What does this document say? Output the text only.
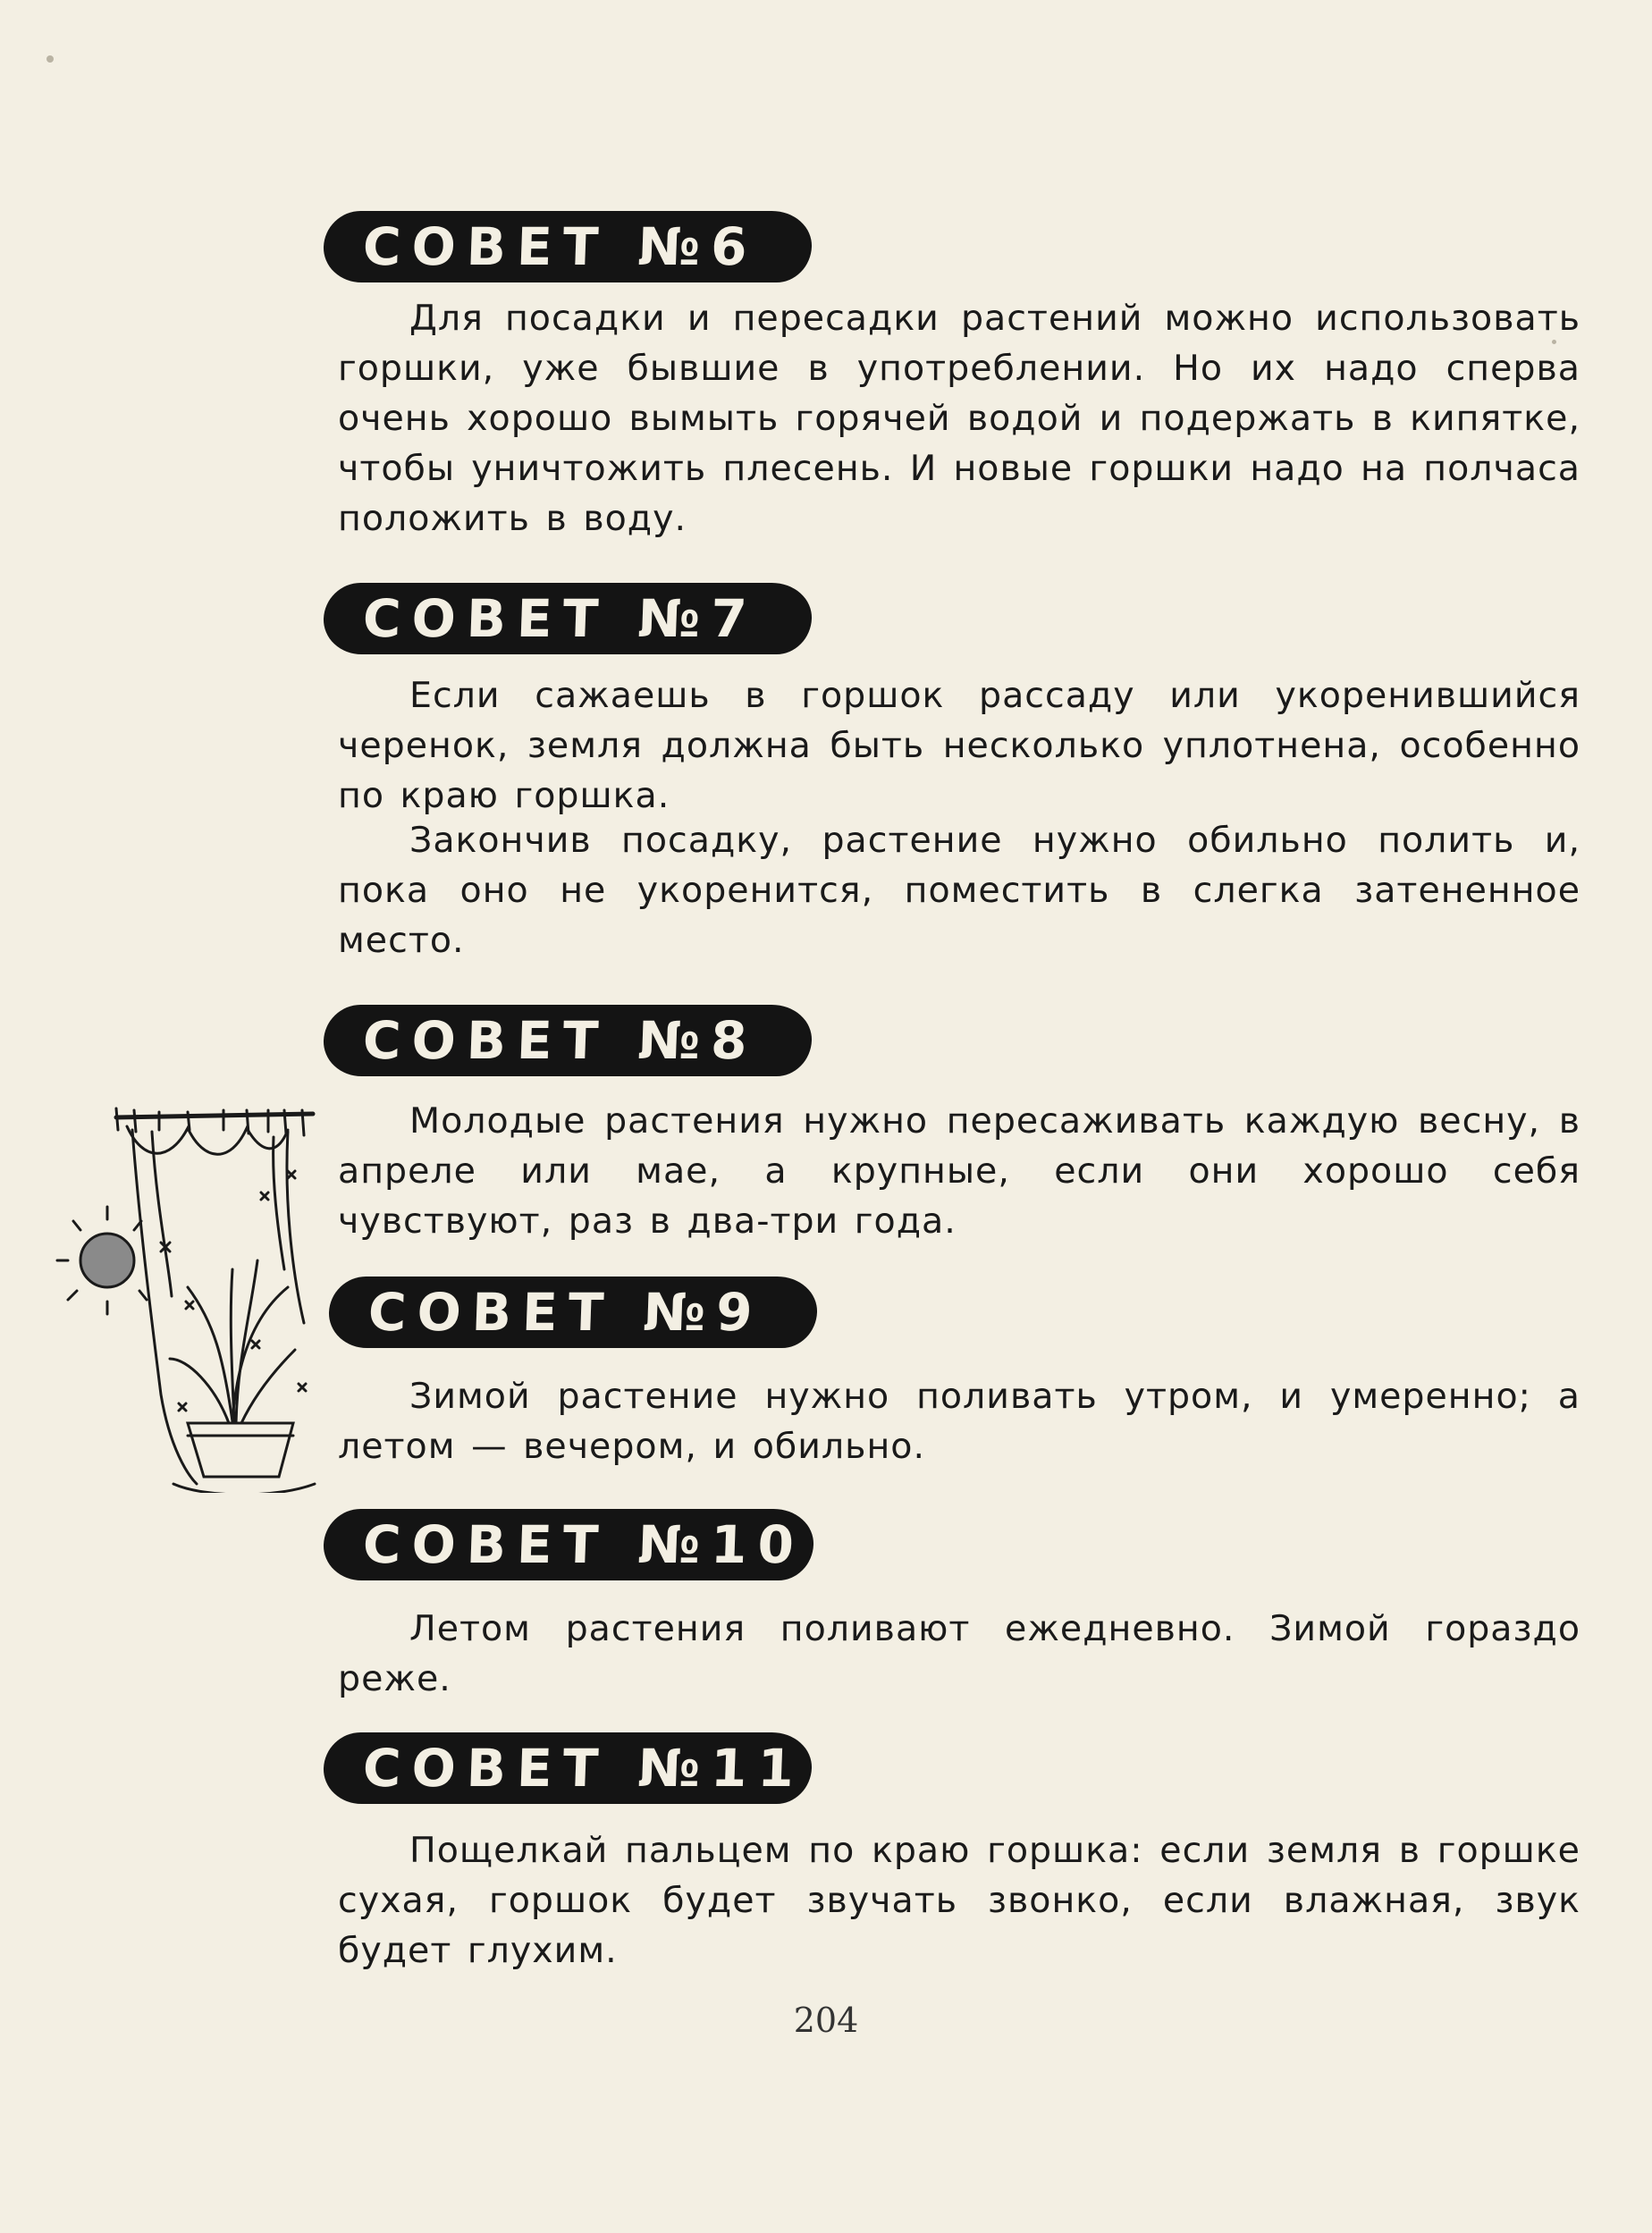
СОВЕТ №6
Для посадки и пересадки растений можно использовать горшки, уже бывшие в употреблении. Но их надо сперва очень хорошо вымыть горячей водой и подержать в кипятке, чтобы уничтожить плесень. И новые горшки надо на полчаса положить в воду.
СОВЕТ №7
Если сажаешь в горшок рассаду или укоренившийся черенок, земля должна быть несколько уплотнена, особенно по краю горшка.
Закончив посадку, растение нужно обильно полить и, пока оно не укоренится, поместить в слегка затененное место.
СОВЕТ №8
Молодые растения нужно пересаживать каждую весну, в апреле или мае, а крупные, если они хорошо себя чувствуют, раз в два-три года.
СОВЕТ №9
Зимой растение нужно поливать утром, и умеренно; а летом — вечером, и обильно.
СОВЕТ №10
Летом растения поливают ежедневно. Зимой гораздо реже.
СОВЕТ №11
Пощелкай пальцем по краю горшка: если земля в горшке сухая, горшок будет звучать звонко, если влажная, звук будет глухим.
204
